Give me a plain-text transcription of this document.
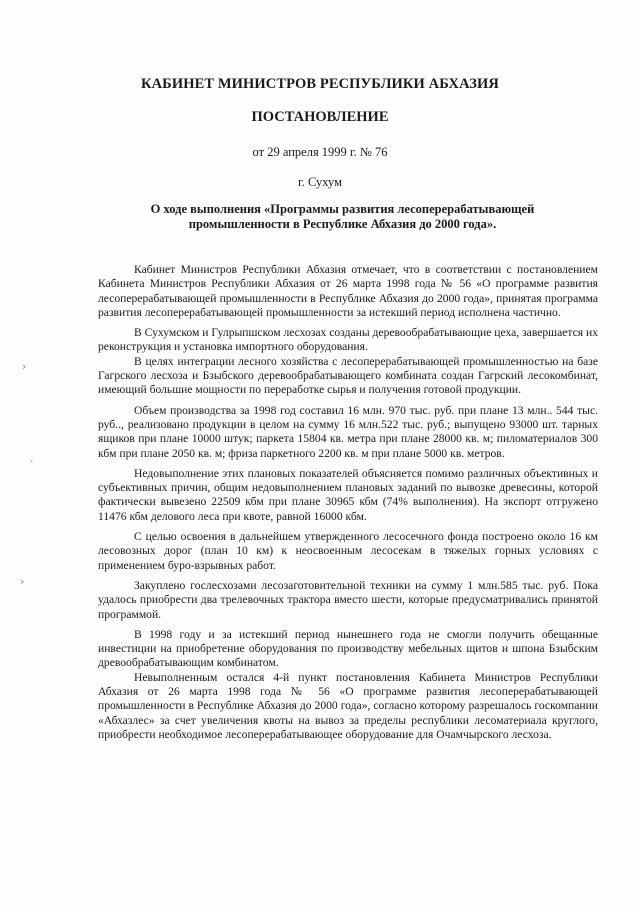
КАБИНЕТ МИНИСТРОВ РЕСПУБЛИКИ АБХАЗИЯ
ПОСТАНОВЛЕНИЕ
от 29 апреля 1999 г. № 76
г. Сухум
О ходе выполнения «Программы развития лесоперерабатывающей промышленности в Республике Абхазия до 2000 года».

Кабинет Министров Республики Абхазия отмечает, что в соответствии с постановлением Кабинета Министров Республики Абхазия от 26 марта 1998 года № 56 «О программе развития лесоперерабатывающей промышленности в Республике Абхазия до 2000 года», принятая программа развития лесоперерабатывающей промышленности за истекший период исполнена частично.

В Сухумском и Гулрыпшском лесхозах созданы деревообрабатывающие цеха, завершается их реконструкция и установка импортного оборудования.

В целях интеграции лесного хозяйства с лесоперерабатывающей промышленностью на базе Гагрского лесхоза и Бзыбского деревообрабатывающего комбината создан Гагрский лесокомбинат, имеющий большие мощности по переработке сырья и получения готовой продукции.

Объем производства за 1998 год составил 16 млн. 970 тыс. руб. при плане 13 млн.. 544 тыс. руб.., реализовано продукции в целом на сумму 16 млн.522 тыс. руб.; выпущено 93000 шт. тарных ящиков при плане 10000 штук; паркета 15804 кв. метра при плане 28000 кв. м; пиломатериалов 300 кбм при плане 2050 кв. м; фриза паркетного 2200 кв. м при плане 5000 кв. метров.

Недовыполнение этих плановых показателей объясняется помимо различных объективных и субъективных причин, общим недовыполнением плановых заданий по вывозке древесины, которой фактически вывезено 22509 кбм при плане 30965 кбм (74% выполнения). На экспорт отгружено 11476 кбм делового леса при квоте, равной 16000 кбм.

С целью освоения в дальнейшем утвержденного лесосечного фонда построено около 16 км лесовозных дорог (план 10 км) к неосвоенным лесосекам в тяжелых горных условиях с применением буро-взрывных работ.

Закуплено гослесхозами лесозаготовительной техники на сумму 1 млн.585 тыс. руб. Пока удалось приобрести два трелевочных трактора вместо шести, которые предусматривались принятой программой.

В 1998 году и за истекший период нынешнего года не смогли получить обещанные инвестиции на приобретение оборудования по производству мебельных щитов и шпона Бзыбским древообрабатывающим комбинатом.

Невыполненным остался 4-й пункт постановления Кабинета Министров Республики Абхазия от 26 марта 1998 года № 56 «О программе развития лесоперерабатывающей промышленности в Республике Абхазия до 2000 года», согласно которому разрешалось госкомпании «Абхазлес» за счет увеличения квоты на вывоз за пределы республики лесоматериала круглого, приобрести необходимое лесоперерабатывающее оборудование для Очамчырского лесхоза.

›
·
›
